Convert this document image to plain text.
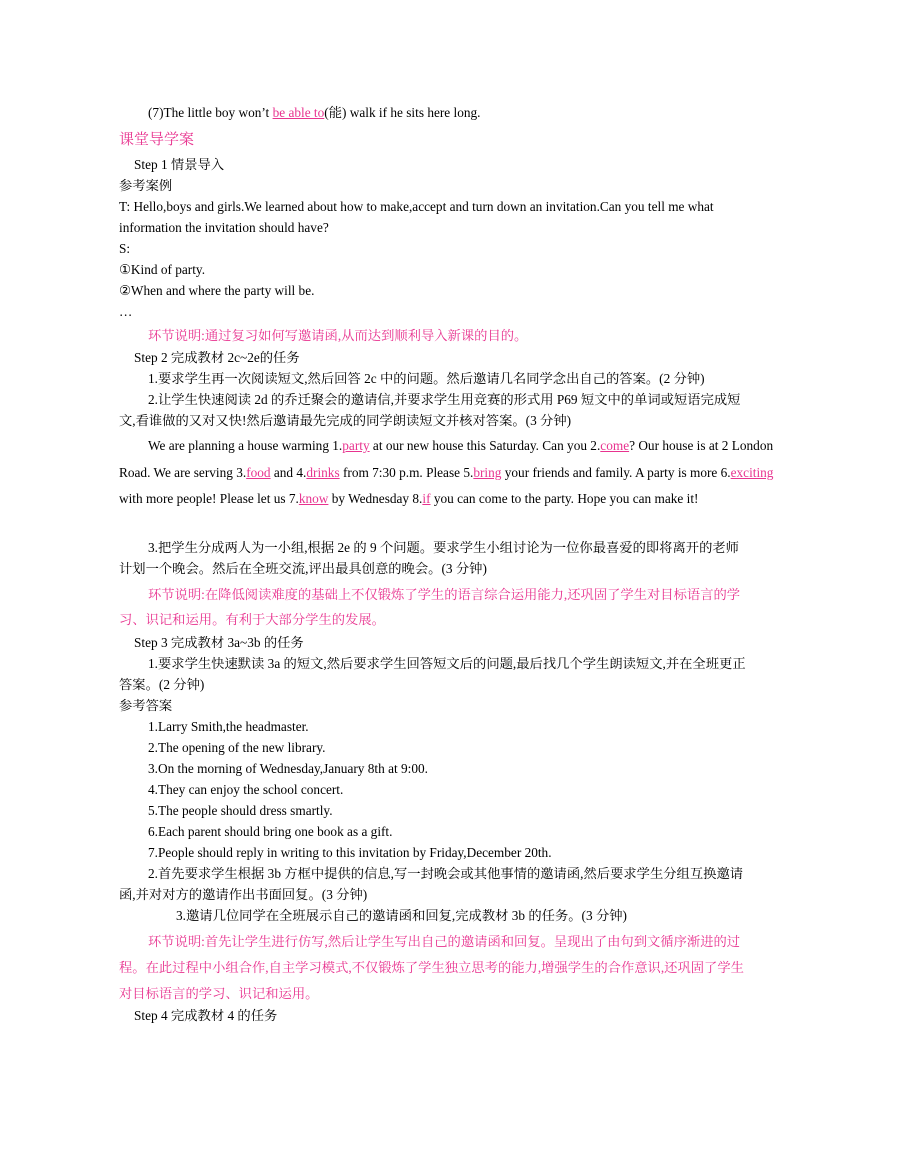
(7)The little boy won’t be able to(能) walk if he sits here long.
课堂导学案
Step 1 情景导入
参考案例
T: Hello,boys and girls.We learned about how to make,accept and turn down an invitation.Can you tell me what
information the invitation should have?
S:
①Kind of party.
②When and where the party will be.
…
环节说明:通过复习如何写邀请函,从而达到顺利导入新课的目的。
Step 2 完成教材 2c~2e的任务
1.要求学生再一次阅读短文,然后回答 2c 中的问题。然后邀请几名同学念出自己的答案。(2 分钟)
2.让学生快速阅读 2d 的乔迁聚会的邀请信,并要求学生用竞赛的形式用 P69 短文中的单词或短语完成短
文,看谁做的又对又快!然后邀请最先完成的同学朗读短文并核对答案。(3 分钟)
We are planning a house warming 1.party at our new house this Saturday. Can you 2.come? Our house is at 2 London Road. We are serving 3.food and 4.drinks from 7:30 p.m. Please 5.bring your friends and family. A party is more 6.exciting with more people! Please let us 7.know by Wednesday 8.if you can come to the party. Hope you can make it!
3.把学生分成两人为一小组,根据 2e 的 9 个问题。要求学生小组讨论为一位你最喜爱的即将离开的老师
计划一个晚会。然后在全班交流,评出最具创意的晚会。(3 分钟)
环节说明:在降低阅读难度的基础上不仅锻炼了学生的语言综合运用能力,还巩固了学生对目标语言的学
习、识记和运用。有利于大部分学生的发展。
Step 3 完成教材 3a~3b 的任务
1.要求学生快速默读 3a 的短文,然后要求学生回答短文后的问题,最后找几个学生朗读短文,并在全班更正
答案。(2 分钟)
参考答案
1.Larry Smith,the headmaster.
2.The opening of the new library.
3.On the morning of Wednesday,January 8th at 9:00.
4.They can enjoy the school concert.
5.The people should dress smartly.
6.Each parent should bring one book as a gift.
7.People should reply in writing to this invitation by Friday,December 20th.
2.首先要求学生根据 3b 方框中提供的信息,写一封晚会或其他事情的邀请函,然后要求学生分组互换邀请
函,并对对方的邀请作出书面回复。(3 分钟)
3.邀请几位同学在全班展示自己的邀请函和回复,完成教材 3b 的任务。(3 分钟)
环节说明:首先让学生进行仿写,然后让学生写出自己的邀请函和回复。呈现出了由句到文循序渐进的过
程。在此过程中小组合作,自主学习模式,不仅锻炼了学生独立思考的能力,增强学生的合作意识,还巩固了学生
对目标语言的学习、识记和运用。
Step 4 完成教材 4 的任务
